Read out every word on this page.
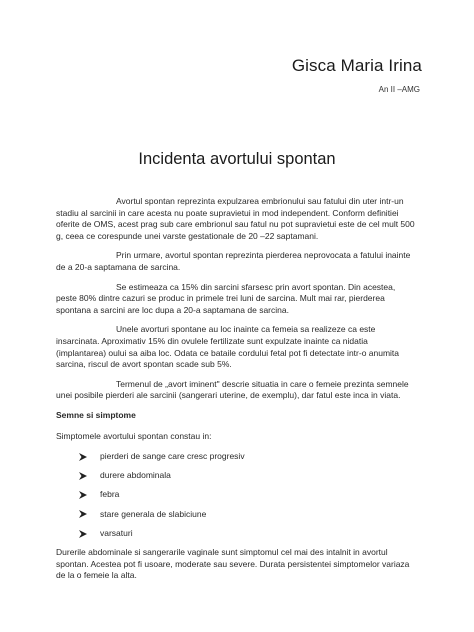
Gisca Maria Irina
An II –AMG
Incidenta avortului spontan

Avortul spontan reprezinta expulzarea embrionului sau fatului din uter intr-un stadiu al sarcinii in care acesta nu poate supravietui in mod independent. Conform definitiei oferite de OMS, acest prag sub care embrionul sau fatul nu pot supravietui este de cel mult 500 g, ceea ce corespunde unei varste gestationale de 20 –22 saptamani.

Prin urmare, avortul spontan reprezinta pierderea neprovocata a fatului inainte de a 20-a saptamana de sarcina.

Se estimeaza ca 15% din sarcini sfarsesc prin avort spontan. Din acestea, peste 80% dintre cazuri se produc in primele trei luni de sarcina. Mult mai rar, pierderea spontana a sarcini are loc dupa a 20-a saptamana de sarcina.

Unele avorturi spontane au loc inainte ca femeia sa realizeze ca este insarcinata. Aproximativ 15% din ovulele fertilizate sunt expulzate inainte ca nidatia (implantarea) oului sa aiba loc. Odata ce bataile cordului fetal pot fi detectate intr-o anumita sarcina, riscul de avort spontan scade sub 5%.

Termenul de „avort iminent" descrie situatia in care o femeie prezinta semnele unei posibile pierderi ale sarcinii (sangerari uterine, de exemplu), dar fatul este inca in viata.

Semne si simptome
Simptomele avortului spontan constau in:
pierderi de sange care cresc progresiv
durere abdominala
febra
stare generala de slabiciune
varsaturi

Durerile abdominale si sangerarile vaginale sunt simptomul cel mai des intalnit in avortul spontan. Acestea pot fi usoare, moderate sau severe. Durata persistentei simptomelor variaza de la o femeie la alta.
